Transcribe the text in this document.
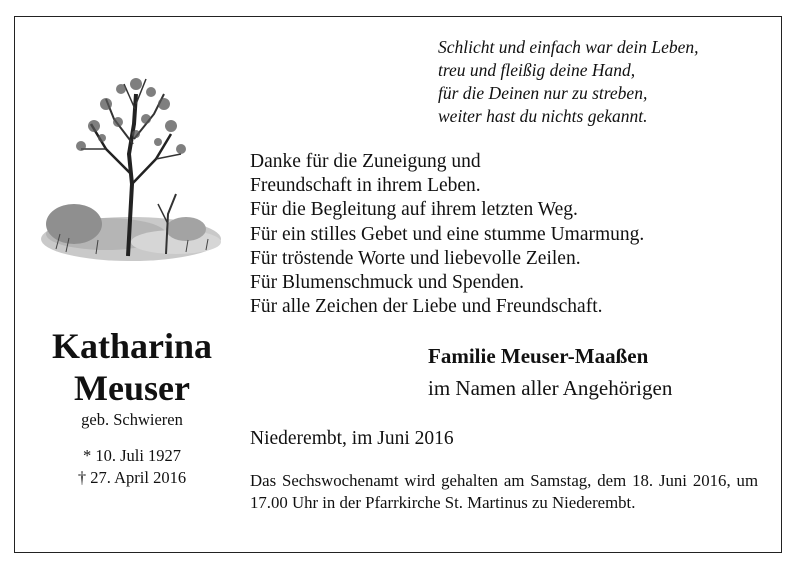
Schlicht und einfach war dein Leben,
treu und fleißig deine Hand,
für die Deinen nur zu streben,
weiter hast du nichts gekannt.
Danke für die Zuneigung und
Freundschaft in ihrem Leben.
Für die Begleitung auf ihrem letzten Weg.
Für ein stilles Gebet und eine stumme Umarmung.
Für tröstende Worte und liebevolle Zeilen.
Für Blumenschmuck und Spenden.
Für alle Zeichen der Liebe und Freundschaft.
Katharina
Meuser
geb. Schwieren
* 10. Juli 1927
† 27. April 2016
Familie Meuser-Maaßen
im Namen aller Angehörigen
Niederembt, im Juni 2016
Das Sechswochenamt wird gehalten am Samstag, dem 18. Juni 2016, um 17.00 Uhr in der Pfarrkirche St. Martinus zu Niederembt.
